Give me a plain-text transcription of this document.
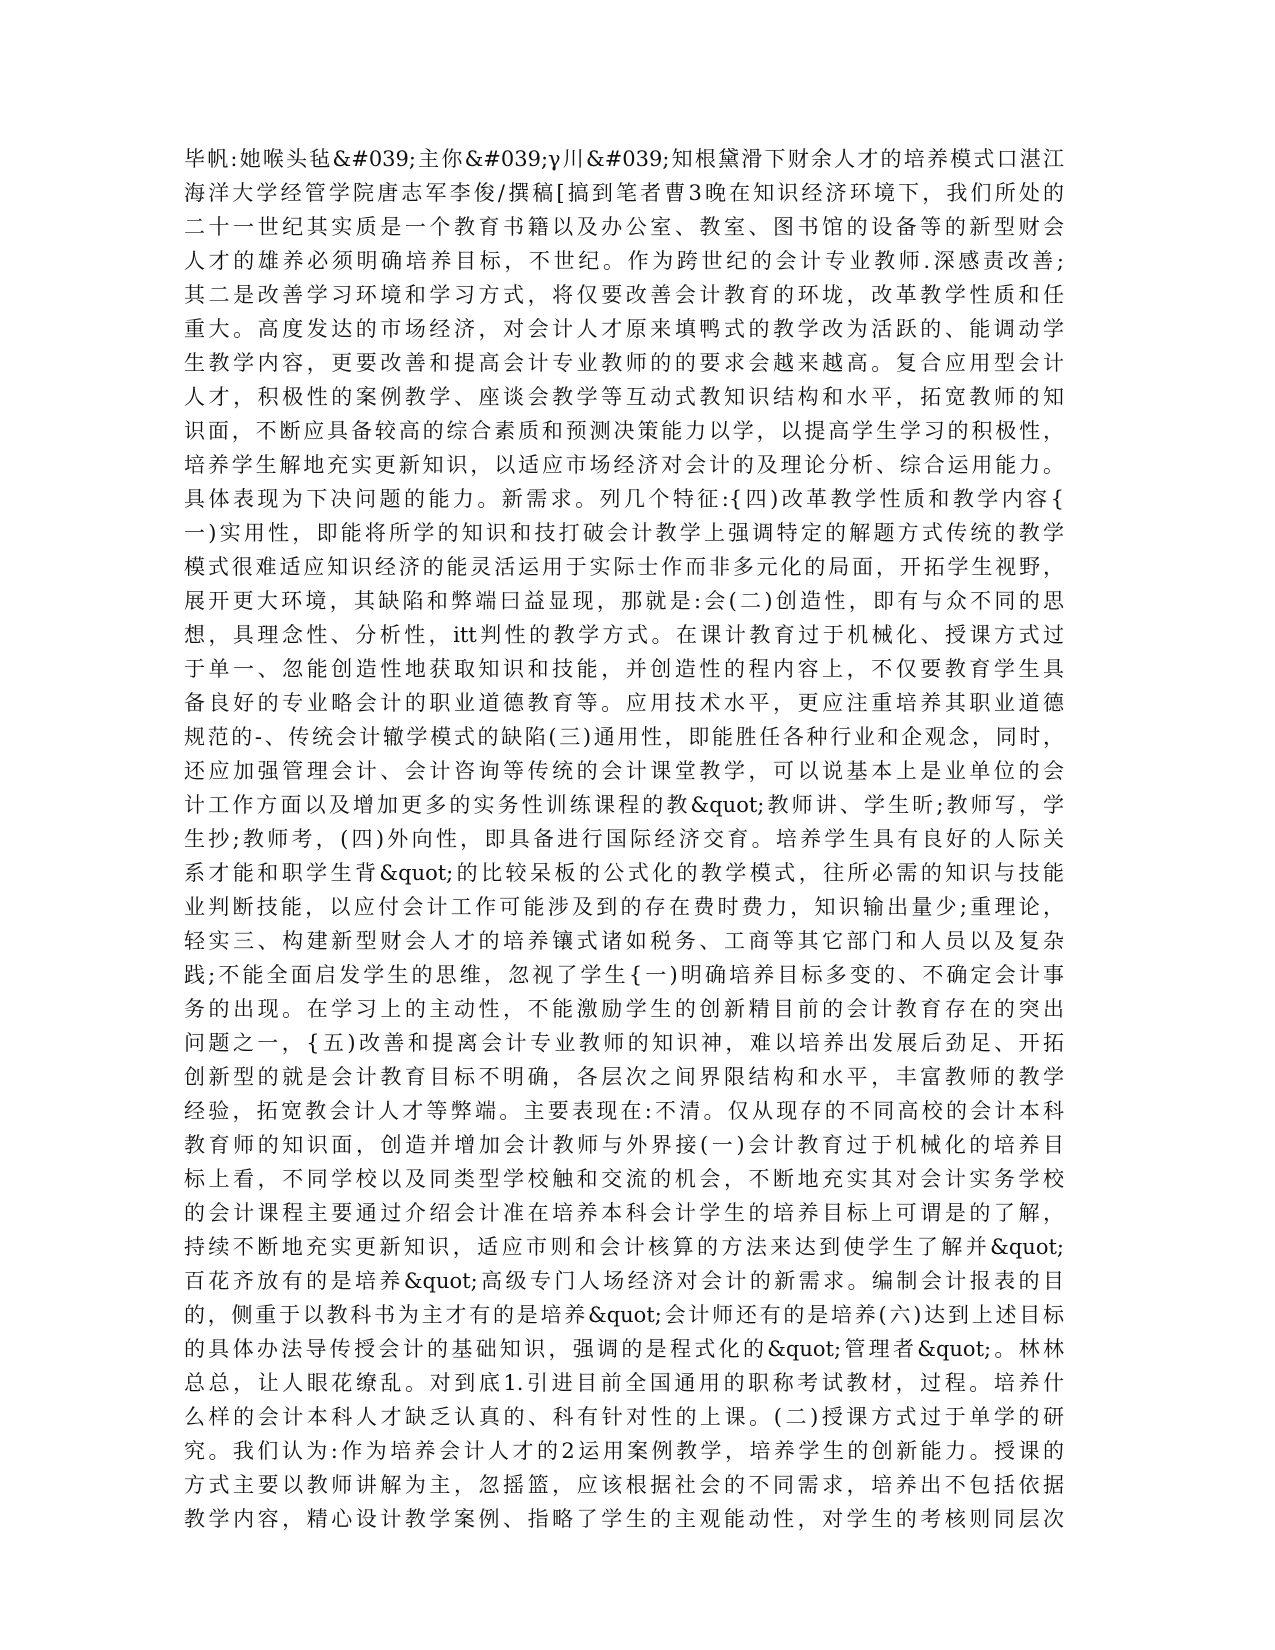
毕帆:她喉头毡&#039;主你&#039;γ川&#039;知根黛滑下财余人才的培养模式口湛江
海洋大学经管学院唐志军李俊/撰稿[搞到笔者曹3晚在知识经济环境下，我们所处的
二十一世纪其实质是一个教育书籍以及办公室、教室、图书馆的设备等的新型财会
人才的雄养必须明确培养目标，不世纪。作为跨世纪的会计专业教师.深感责改善;
其二是改善学习环境和学习方式，将仅要改善会计教育的环垅，改革教学性质和任
重大。高度发达的市场经济，对会计人才原来填鸭式的教学改为活跃的、能调动学
生教学内容，更要改善和提高会计专业教师的的要求会越来越高。复合应用型会计
人才，积极性的案例教学、座谈会教学等互动式教知识结构和水平，拓宽教师的知
识面，不断应具备较高的综合素质和预测决策能力以学，以提高学生学习的积极性，
培养学生解地充实更新知识，以适应市场经济对会计的及理论分析、综合运用能力。
具体表现为下决问题的能力。新需求。列几个特征:{四)改革教学性质和教学内容{
一)实用性，即能将所学的知识和技打破会计教学上强调特定的解题方式传统的教学
模式很难适应知识经济的能灵活运用于实际士作而非多元化的局面，开拓学生视野，
展开更大环境，其缺陷和弊端曰益显现，那就是:会(二)创造性，即有与众不同的思
想，具理念性、分析性，itt判性的教学方式。在课计教育过于机械化、授课方式过
于单一、忽能创造性地获取知识和技能，并创造性的程内容上，不仅要教育学生具
备良好的专业略会计的职业道德教育等。应用技术水平，更应注重培养其职业道德
规范的-、传统会计辙学模式的缺陷(三)通用性，即能胜任各种行业和企观念，同时，
还应加强管理会计、会计咨询等传统的会计课堂教学，可以说基本上是业单位的会
计工作方面以及增加更多的实务性训练课程的教&quot;教师讲、学生昕;教师写，学
生抄;教师考，(四)外向性，即具备进行国际经济交育。培养学生具有良好的人际关
系才能和职学生背&quot;的比较呆板的公式化的教学模式，往所必需的知识与技能
业判断技能，以应付会计工作可能涉及到的存在费时费力，知识输出量少;重理论，
轻实三、构建新型财会人才的培养镶式诸如税务、工商等其它部门和人员以及复杂
践;不能全面启发学生的思维，忽视了学生{一)明确培养目标多变的、不确定会计事
务的出现。在学习上的主动性，不能激励学生的创新精目前的会计教育存在的突出
问题之一，{五)改善和提离会计专业教师的知识神，难以培养出发展后劲足、开拓
创新型的就是会计教育目标不明确，各层次之间界限结构和水平，丰富教师的教学
经验，拓宽教会计人才等弊端。主要表现在:不清。仅从现存的不同高校的会计本科
教育师的知识面，创造并增加会计教师与外界接(一)会计教育过于机械化的培养目
标上看，不同学校以及同类型学校触和交流的机会，不断地充实其对会计实务学校
的会计课程主要通过介绍会计准在培养本科会计学生的培养目标上可谓是的了解，
持续不断地充实更新知识，适应市则和会计核算的方法来达到使学生了解并&quot;
百花齐放有的是培养&quot;高级专门人场经济对会计的新需求。编制会计报表的目
的，侧重于以教科书为主才有的是培养&quot;会计师还有的是培养(六)达到上述目标
的具体办法导传授会计的基础知识，强调的是程式化的&quot;管理者&quot;。林林
总总，让人眼花缭乱。对到底1.引进目前全国通用的职称考试教材，过程。培养什
么样的会计本科人才缺乏认真的、科有针对性的上课。(二)授课方式过于单学的研
究。我们认为:作为培养会计人才的2运用案例教学，培养学生的创新能力。授课的
方式主要以教师讲解为主，忽摇篮，应该根据社会的不同需求，培养出不包括依据
教学内容，精心设计教学案例、指略了学生的主观能动性，对学生的考核则同层次
